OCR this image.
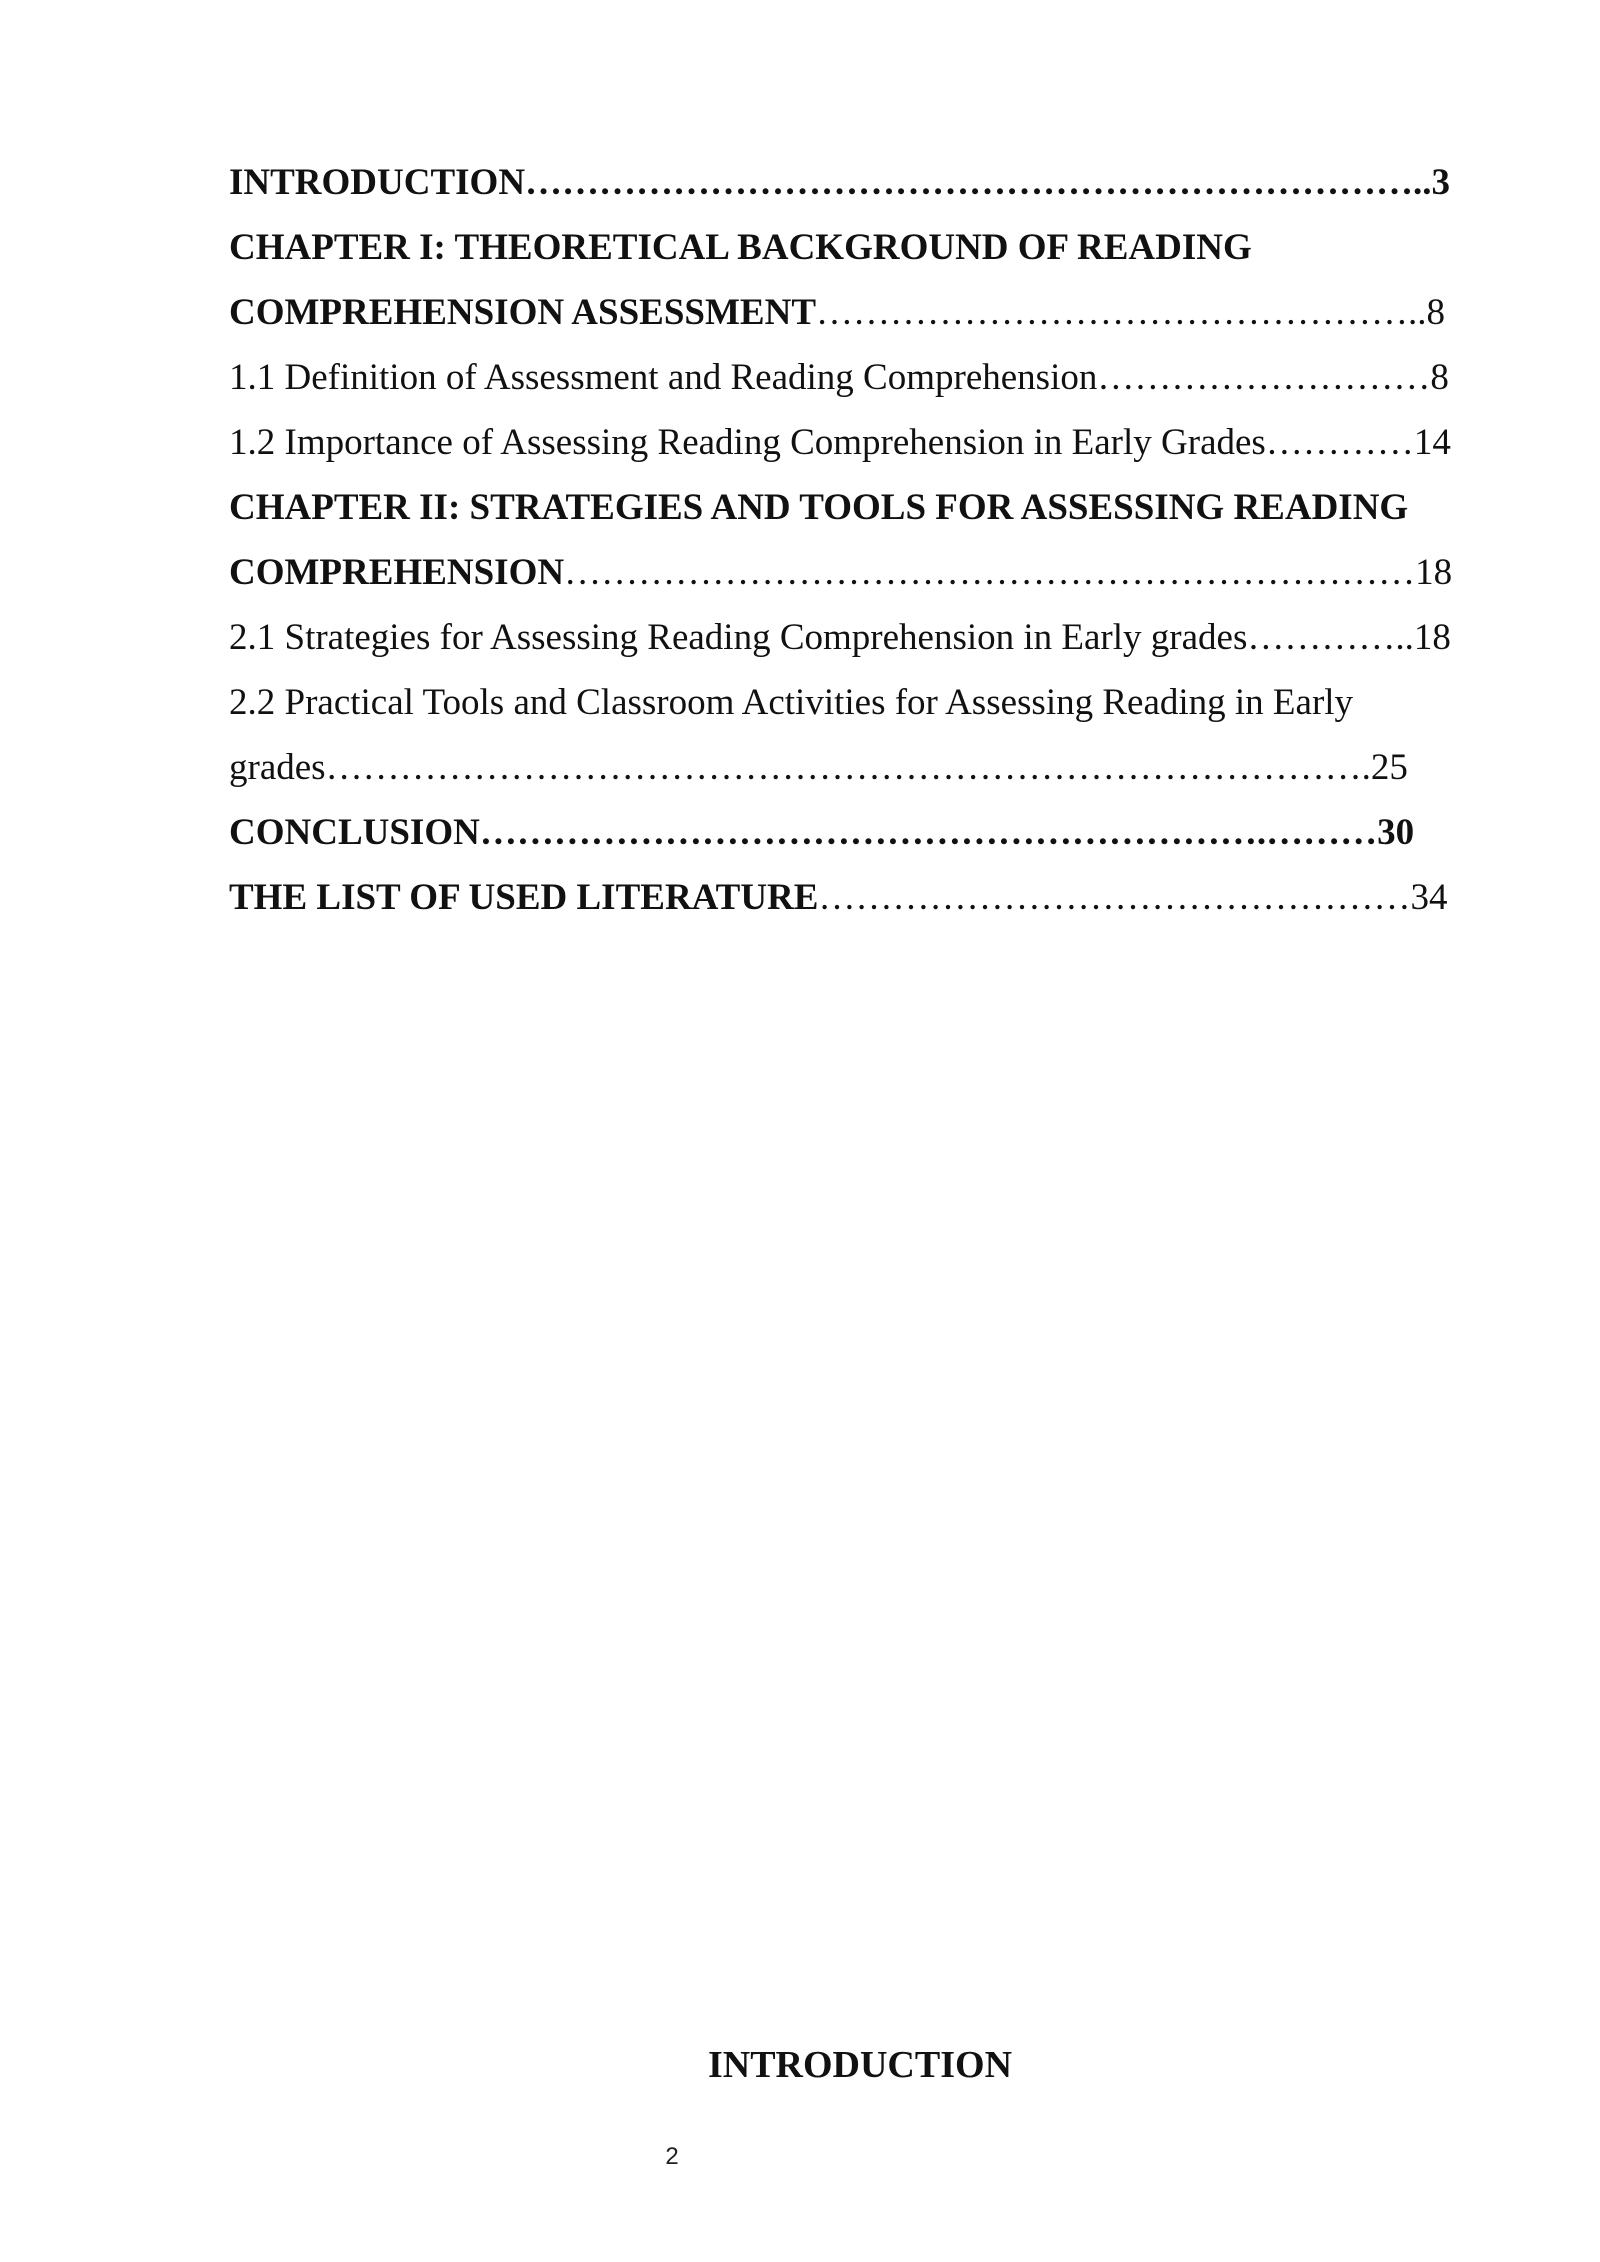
INTRODUCTION………………………………………………………………..3
CHAPTER I: THEORETICAL BACKGROUND OF READING
COMPREHENSION ASSESSMENT…………………………………………..8
1.1 Definition of Assessment and Reading Comprehension………………………8
1.2 Importance of Assessing Reading Comprehension in Early Grades…………14
CHAPTER II: STRATEGIES AND TOOLS FOR ASSESSING READING
COMPREHENSION……………………………………………………………18
2.1 Strategies for Assessing Reading Comprehension in Early grades…………..18
2.2 Practical Tools and Classroom Activities for Assessing Reading in Early
grades………………………………………………………………………….25
CONCLUSION……………………………………………………….………30
THE LIST OF USED LITERATURE…………………………………………34
INTRODUCTION
2
